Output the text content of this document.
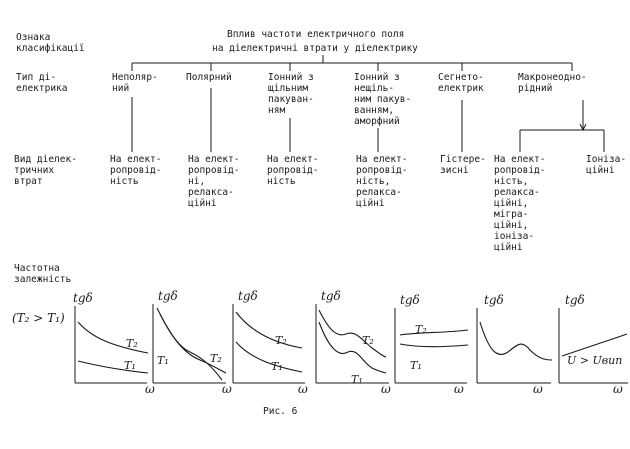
Ознака
класифікації
Тип ді-
електрика
Вид діелек-
тричних
втрат
Частотна
залежність
Вплив частоти електричного поля
на діелектричні втрати у діелектрику
Неполяр-
ний
Полярний	Іонний з
щільним
пакуван-
ням
Іонний з
нещіль-
ним пакув-
ванням,
аморфний
Сегнето-
електрик
Макронеодно-
рідний
На елект-
ропровід-
ність
На елект-
ропровід-
ні,
релакса-
ційні
На елект-
ропровід-
ність
На елект-
ропровід-
ність,
релакса-
ційні
Гістере-
зисні
На елект-
ропровід-
ність,
релакса-
ційні,
мігра-
ційні,
іоніза-
ційні
Іоніза-
ційні
(T₂ > T₁)
tgδ
ω
T₂
T₁
tgδ
ω
T₁	T₂
tgδ
ω
T₂
T₁
tgδ
ω
T₂
T₁
tgδ
ω
T₂
T₁
tgδ
ω
tgδ
ω
U > Uвип
Рис. 6
